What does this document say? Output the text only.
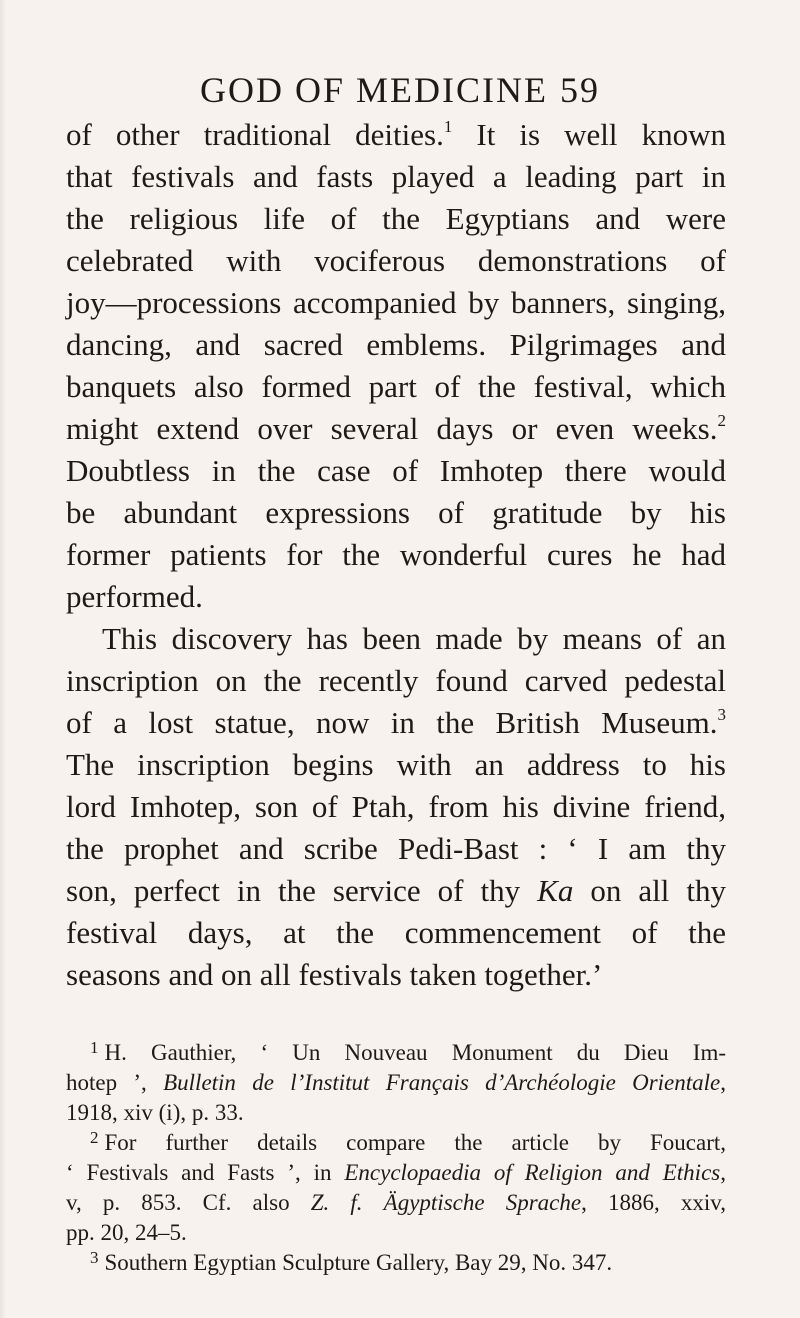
GOD OF MEDICINE 59
of other traditional deities.$^1$ It is well known
that festivals and fasts played a leading part in
the religious life of the Egyptians and were
celebrated with vociferous demonstrations of
joy—processions accompanied by banners, singing,
dancing, and sacred emblems. Pilgrimages and
banquets also formed part of the festival, which
might extend over several days or even weeks.$^2$
Doubtless in the case of Imhotep there would
be abundant expressions of gratitude by his
former patients for the wonderful cures he had
performed.
This discovery has been made by means of an
inscription on the recently found carved pedestal
of a lost statue, now in the British Museum.$^3$
The inscription begins with an address to his
lord Imhotep, son of Ptah, from his divine friend,
the prophet and scribe Pedi-Bast : ‘ I am thy
son, perfect in the service of thy Ka on all thy
festival days, at the commencement of the
seasons and on all festivals taken together.’
$^1$ H. Gauthier, ‘ Un Nouveau Monument du Dieu Im-
hotep ’, Bulletin de l’Institut Français d’Archéologie Orientale,
1918, xiv (i), p. 33.
$^2$ For further details compare the article by Foucart,
‘ Festivals and Fasts ’, in Encyclopaedia of Religion and Ethics,
v, p. 853. Cf. also Z. f. Ägyptische Sprache, 1886, xxiv,
pp. 20, 24–5.
$^3$ Southern Egyptian Sculpture Gallery, Bay 29, No. 347.
